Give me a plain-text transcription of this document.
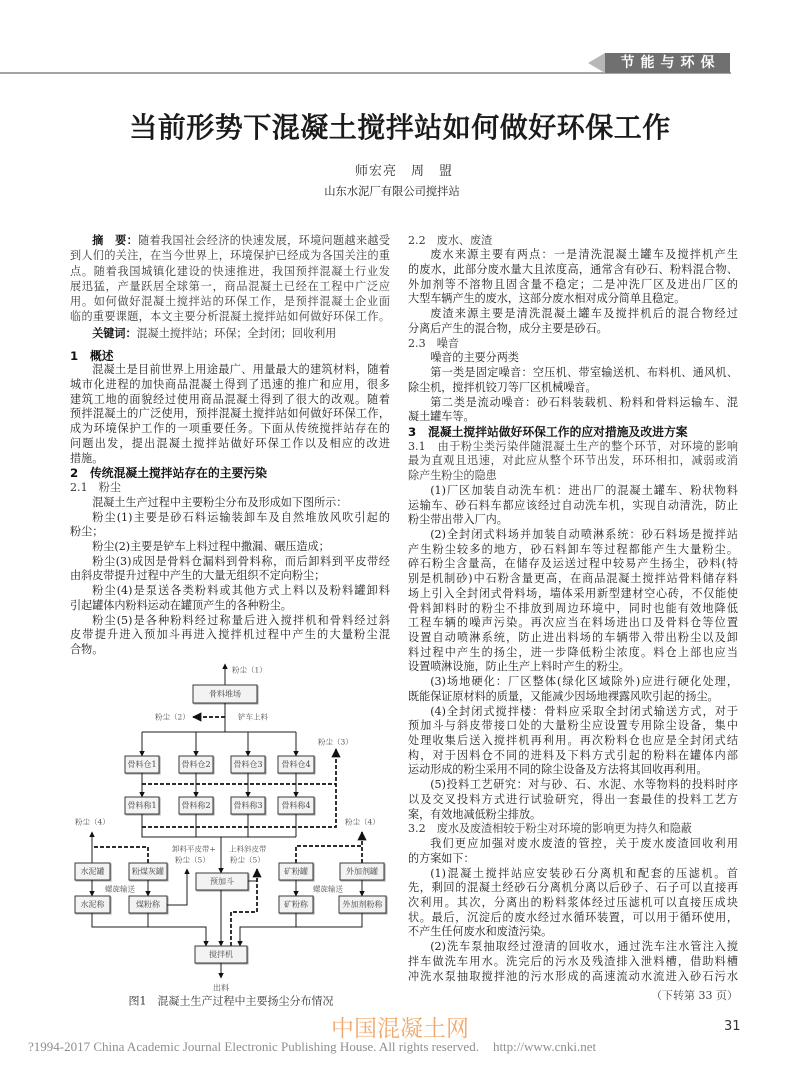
节能与环保
当前形势下混凝土搅拌站如何做好环保工作
师宏亮　周　盟
山东水泥厂有限公司搅拌站
摘　要：随着我国社会经济的快速发展，环境问题越来越受
到人们的关注，在当今世界上，环境保护已经成为各国关注的重
点。随着我国城镇化建设的快速推进，我国预拌混凝土行业发
展迅猛，产量跃居全球第一，商品混凝土已经在工程中广泛应
用。如何做好混凝土搅拌站的环保工作，是预拌混凝土企业面
临的重要课题，本文主要分析混凝土搅拌站如何做好环保工作。
关键词：混凝土搅拌站；环保；全封闭；回收利用
1　概述
混凝土是目前世界上用途最广、用量最大的建筑材料，随着
城市化进程的加快商品混凝土得到了迅速的推广和应用，很多
建筑工地的面貌经过使用商品混凝土得到了很大的改观。随着
预拌混凝土的广泛使用，预拌混凝土搅拌站如何做好环保工作，
成为环境保护工作的一项重要任务。下面从传统搅拌站存在的
问题出发，提出混凝土搅拌站做好环保工作以及相应的改进
措施。
2　传统混凝土搅拌站存在的主要污染
2.1　粉尘
混凝土生产过程中主要粉尘分布及形成如下图所示：
粉尘(1)主要是砂石料运输装卸车及自然堆放风吹引起的
粉尘；
粉尘(2)主要是铲车上料过程中撒漏、碾压造成；
粉尘(3)成因是骨料仓漏料到骨料称，而后卸料到平皮带经
由斜皮带提升过程中产生的大量无组织不定向粉尘；
粉尘(4)是泵送各类粉料或其他方式上料以及粉料罐卸料
引起罐体内粉料运动在罐顶产生的各种粉尘。
粉尘(5)是各种粉料经过称量后进入搅拌机和骨料经过斜
皮带提升进入预加斗再进入搅拌机过程中产生的大量粉尘混
合物。
2.2　废水、废渣
废水来源主要有两点：一是清洗混凝土罐车及搅拌机产生
的废水，此部分废水量大且浓度高，通常含有砂石、粉料混合物、
外加剂等不溶物且固含量不稳定；二是冲洗厂区及进出厂区的
大型车辆产生的废水，这部分废水相对成分简单且稳定。
废渣来源主要是清洗混凝土罐车及搅拌机后的混合物经过
分离后产生的混合物，成分主要是砂石。
2.3　噪音
噪音的主要分两类
第一类是固定噪音：空压机、带室输送机、布料机、通风机、
除尘机，搅拌机铰刀等厂区机械噪音。
第二类是流动噪音：砂石料装载机、粉料和骨料运输车、混
凝土罐车等。
3　混凝土搅拌站做好环保工作的应对措施及改进方案
3.1　由于粉尘类污染伴随混凝土生产的整个环节，对环境的影响
最为直观且迅速，对此应从整个环节出发，环环相扣，减弱或消
除产生粉尘的隐患
(1)厂区加装自动洗车机：进出厂的混凝土罐车、粉状物料
运输车、砂石料车都应该经过自动洗车机，实现自动清洗，防止
粉尘带出带入厂内。
(2)全封闭式料场并加装自动喷淋系统：砂石料场是搅拌站
产生粉尘较多的地方，砂石料卸车等过程都能产生大量粉尘。
碎石粉尘含量高，在储存及运送过程中较易产生扬尘，砂料(特
别是机制砂)中石粉含量更高，在商品混凝土搅拌站骨料储存料
场上引入全封闭式骨料场，墙体采用新型建材空心砖，不仅能使
骨料卸料时的粉尘不排放到周边环境中，同时也能有效地降低
工程车辆的噪声污染。再次应当在料场进出口及骨料仓等位置
设置自动喷淋系统，防止进出料场的车辆带入带出粉尘以及卸
料过程中产生的扬尘，进一步降低粉尘浓度。料仓上部也应当
设置喷淋设施，防止生产上料时产生的粉尘。
(3)场地硬化：厂区整体(绿化区域除外)应进行硬化处理，
既能保证原材料的质量，又能减少因场地裸露风吹引起的扬尘。
(4)全封闭式搅拌楼：骨料应采取全封闭式输送方式，对于
预加斗与斜皮带接口处的大量粉尘应设置专用除尘设备，集中
处理收集后送入搅拌机再利用。再次粉料仓也应是全封闭式结
构，对于因料仓不同的进料及下料方式引起的粉料在罐体内部
运动形成的粉尘采用不同的除尘设备及方法将其回收再利用。
(5)投料工艺研究：对与砂、石、水泥、水等物料的投料时序
以及交叉投料方式进行试验研究，得出一套最佳的投料工艺方
案，有效地减低粉尘排放。
3.2　废水及废渣相较于粉尘对环境的影响更为持久和隐蔽
我们更应加强对废水废渣的管控，关于废水废渣回收利用
的方案如下：
(1)混凝土搅拌站应安装砂石分离机和配套的压滤机。首
先，剩回的混凝土经砂石分离机分离以后砂子、石子可以直接再
次利用。其次，分离出的粉料浆体经过压滤机可以直接压成块
状。最后，沉淀后的废水经过水循环装置，可以用于循环使用，
不产生任何废水和废渣污染。
(2)洗车泵抽取经过澄清的回收水，通过洗车注水管注入搅
拌车做洗车用水。洗完后的污水及残渣排入泄料槽，借助料槽
冲洗水泵抽取搅拌池的污水形成的高速流动水流进入砂石污水
粉尘（1）
骨料堆场
粉尘（2）	铲车上料
骨料仓1	骨料仓2	骨料仓3 骨料仓4
粉尘（3）
骨料称1	骨料称2	骨料称3 骨料称4
预加斗
卸料平皮带+
粉尘（5）
上料斜皮带
粉尘（5）
粉尘（4）
水泥罐	粉煤灰罐
螺旋输送
水泥称	煤粉称
粉尘（4）
矿粉罐	外加剂罐
螺旋输送
矿粉称	外加剂粉称
搅拌机
出料
图1　混凝土生产过程中主要扬尘分布情况	（下转第 33 页）
31
?1994-2017 China Academic Journal Electronic Publishing House. All rights reserved. http://www.cnki.net
中国混凝土网
